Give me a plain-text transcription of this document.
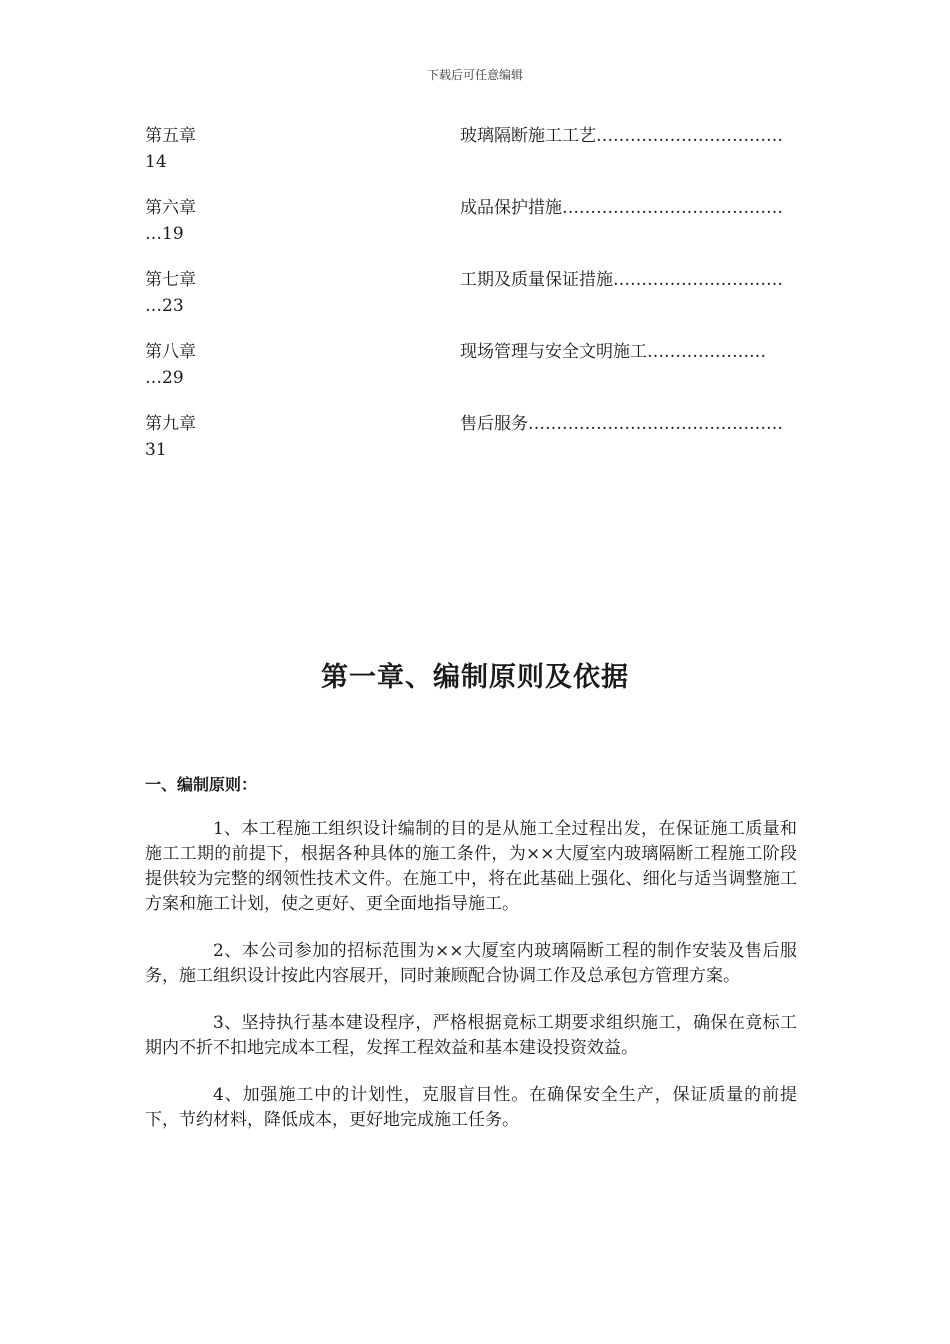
下载后可任意编辑
第五章	玻璃隔断施工工艺……………………………
14
第六章	成品保护措施…………………………………
…19
第七章	工期及质量保证措施…………………………
…23
第八章	现场管理与安全文明施工…………………
…29
第九章	售后服务………………………………………
31
第一章、编制原则及依据
一、编制原则：

1、本工程施工组织设计编制的目的是从施工全过程出发，在保证施工质量和施工工期的前提下，根据各种具体的施工条件，为××大厦室内玻璃隔断工程施工阶段提供较为完整的纲领性技术文件。在施工中，将在此基础上强化、细化与适当调整施工方案和施工计划，使之更好、更全面地指导施工。

2、本公司参加的招标范围为××大厦室内玻璃隔断工程的制作安装及售后服务，施工组织设计按此内容展开，同时兼顾配合协调工作及总承包方管理方案。

3、坚持执行基本建设程序，严格根据竟标工期要求组织施工，确保在竟标工期内不折不扣地完成本工程，发挥工程效益和基本建设投资效益。

4、加强施工中的计划性，克服盲目性。在确保安全生产，保证质量的前提下，节约材料，降低成本，更好地完成施工任务。
